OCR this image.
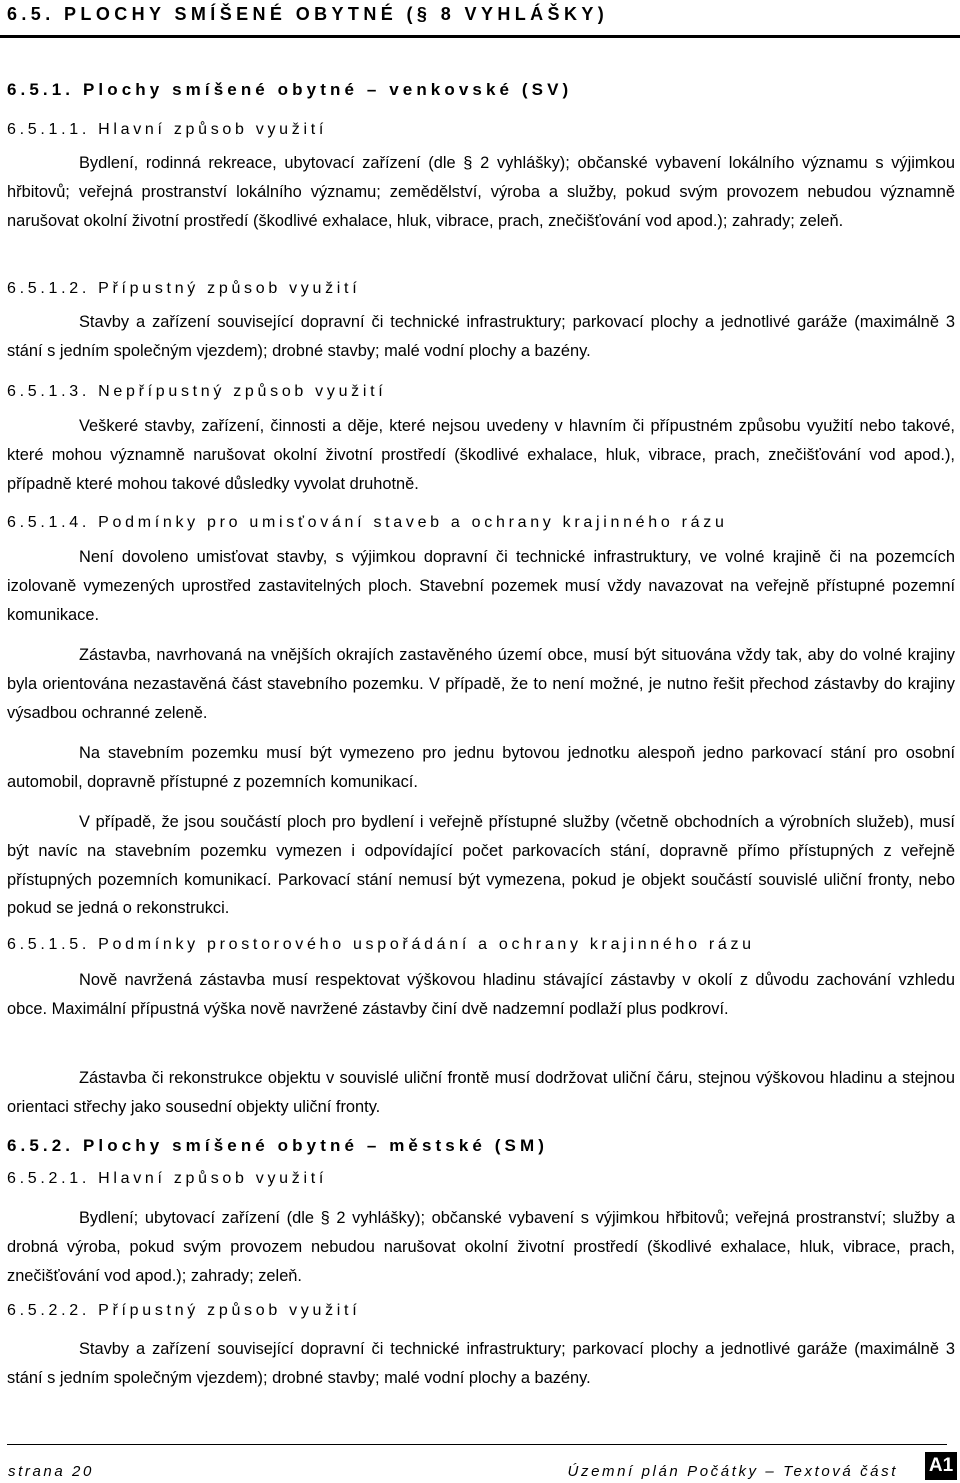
6.5. PLOCHY SMÍŠENÉ OBYTNÉ (§ 8 VYHLÁŠKY)
6.5.1. Plochy smíšené obytné – venkovské (SV)
6.5.1.1. Hlavní způsob využití

Bydlení, rodinná rekreace, ubytovací zařízení (dle § 2 vyhlášky); občanské vybavení lokálního významu s výjimkou hřbitovů; veřejná prostranství lokálního významu; zemědělství, výroba a služby, pokud svým provozem nebudou významně narušovat okolní životní prostředí (škodlivé exhalace, hluk, vibrace, prach, znečišťování vod apod.); zahrady; zeleň.

6.5.1.2. Přípustný způsob využití

Stavby a zařízení související dopravní či technické infrastruktury; parkovací plochy a jednotlivé garáže (maximálně 3 stání s jedním společným vjezdem); drobné stavby; malé vodní plochy a bazény.

6.5.1.3. Nepřípustný způsob využití

Veškeré stavby, zařízení, činnosti a děje, které nejsou uvedeny v hlavním či přípustném způsobu využití nebo takové, které mohou významně narušovat okolní životní prostředí (škodlivé exhalace, hluk, vibrace, prach, znečišťování vod apod.), případně které mohou takové důsledky vyvolat druhotně.

6.5.1.4. Podmínky pro umisťování staveb a ochrany krajinného rázu

Není dovoleno umisťovat stavby, s výjimkou dopravní či technické infrastruktury, ve volné krajině či na pozemcích izolovaně vymezených uprostřed zastavitelných ploch. Stavební pozemek musí vždy navazovat na veřejně přístupné pozemní komunikace.

Zástavba, navrhovaná na vnějších okrajích zastavěného území obce, musí být situována vždy tak, aby do volné krajiny byla orientována nezastavěná část stavebního pozemku. V případě, že to není možné, je nutno řešit přechod zástavby do krajiny výsadbou ochranné zeleně.

Na stavebním pozemku musí být vymezeno pro jednu bytovou jednotku alespoň jedno parkovací stání pro osobní automobil, dopravně přístupné z pozemních komunikací.

V případě, že jsou součástí ploch pro bydlení i veřejně přístupné služby (včetně obchodních a výrobních služeb), musí být navíc na stavebním pozemku vymezen i odpovídající počet parkovacích stání, dopravně přímo přístupných z veřejně přístupných pozemních komunikací. Parkovací stání nemusí být vymezena, pokud je objekt součástí souvislé uliční fronty, nebo pokud se jedná o rekonstrukci.

6.5.1.5. Podmínky prostorového uspořádání a ochrany krajinného rázu

Nově navržená zástavba musí respektovat výškovou hladinu stávající zástavby v okolí z důvodu zachování vzhledu obce. Maximální přípustná výška nově navržené zástavby činí dvě nadzemní podlaží plus podkroví.

Zástavba či rekonstrukce objektu v souvislé uliční frontě musí dodržovat uliční čáru, stejnou výškovou hladinu a stejnou orientaci střechy jako sousední objekty uliční fronty.

6.5.2. Plochy smíšené obytné – městské (SM)
6.5.2.1. Hlavní způsob využití

Bydlení; ubytovací zařízení (dle § 2 vyhlášky); občanské vybavení s výjimkou hřbitovů; veřejná prostranství; služby a drobná výroba, pokud svým provozem nebudou narušovat okolní životní prostředí (škodlivé exhalace, hluk, vibrace, prach, znečišťování vod apod.); zahrady; zeleň.

6.5.2.2. Přípustný způsob využití

Stavby a zařízení související dopravní či technické infrastruktury; parkovací plochy a jednotlivé garáže (maximálně 3 stání s jedním společným vjezdem); drobné stavby; malé vodní plochy a bazény.

strana 20	Územní plán Počátky – Textová část A1
